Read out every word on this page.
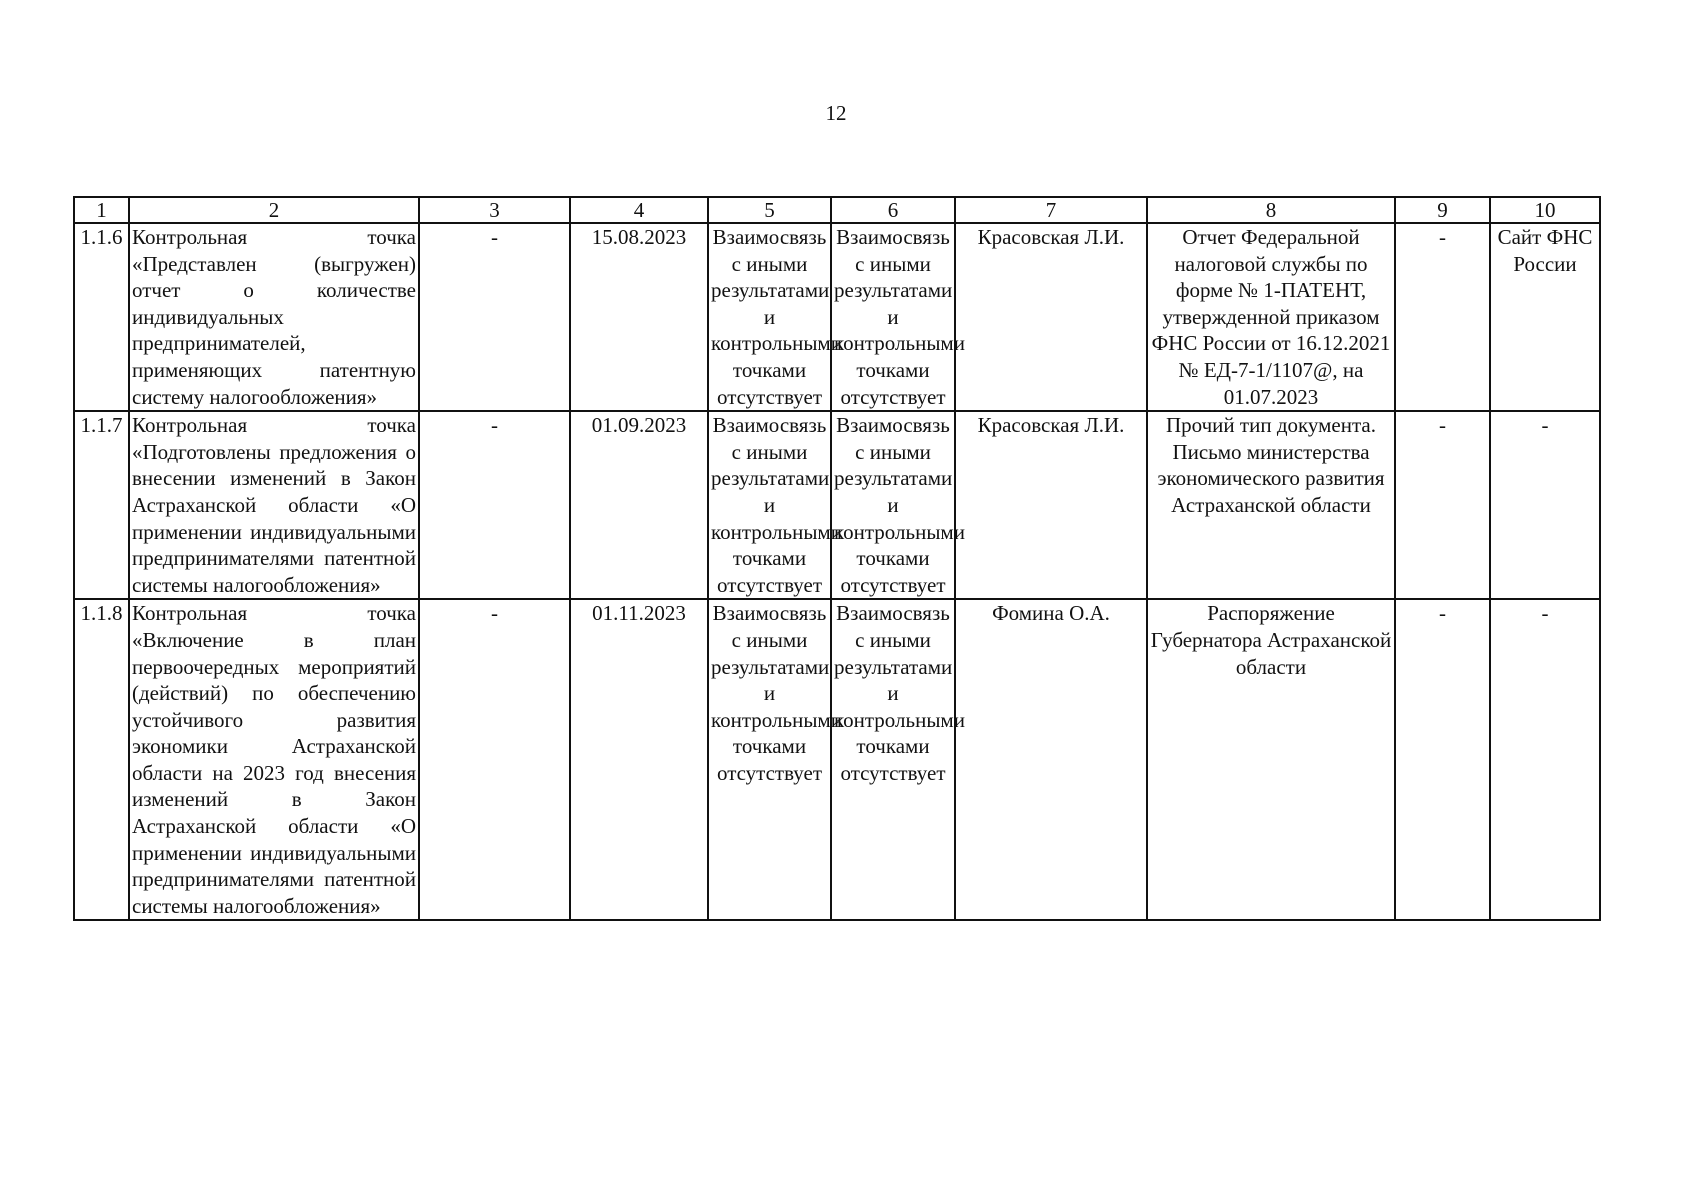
12
1	2	3	4	5	6	7	8	9	10
1.1.6	Контрольная точка «Представлен (выгружен) отчет о количестве индивидуальных предпринимателей, применяющих патентную систему налогообложения»	-	15.08.2023	Взаимосвязь с иными результатами и контрольными точками отсутствует	Взаимосвязь с иными результатами и контрольными точками отсутствует	Красовская Л.И.	Отчет Федеральной налоговой службы по форме № 1-ПАТЕНТ, утвержденной приказом ФНС России от 16.12.2021 № ЕД-7-1/1107@, на 01.07.2023	-	Сайт ФНС России
1.1.7	Контрольная точка «Подготовлены предложения о внесении изменений в Закон Астраханской области «О применении индивидуальными предпринимателями патентной системы налогообложения»	-	01.09.2023	Взаимосвязь с иными результатами и контрольными точками отсутствует	Взаимосвязь с иными результатами и контрольными точками отсутствует	Красовская Л.И.	Прочий тип документа. Письмо министерства экономического развития Астраханской области	-	-
1.1.8	Контрольная точка «Включение в план первоочередных мероприятий (действий) по обеспечению устойчивого развития экономики Астраханской области на 2023 год внесения изменений в Закон Астраханской области «О применении индивидуальными предпринимателями патентной системы налогообложения»	-	01.11.2023	Взаимосвязь с иными результатами и контрольными точками отсутствует	Взаимосвязь с иными результатами и контрольными точками отсутствует	Фомина О.А.	Распоряжение Губернатора Астраханской области	-	-
